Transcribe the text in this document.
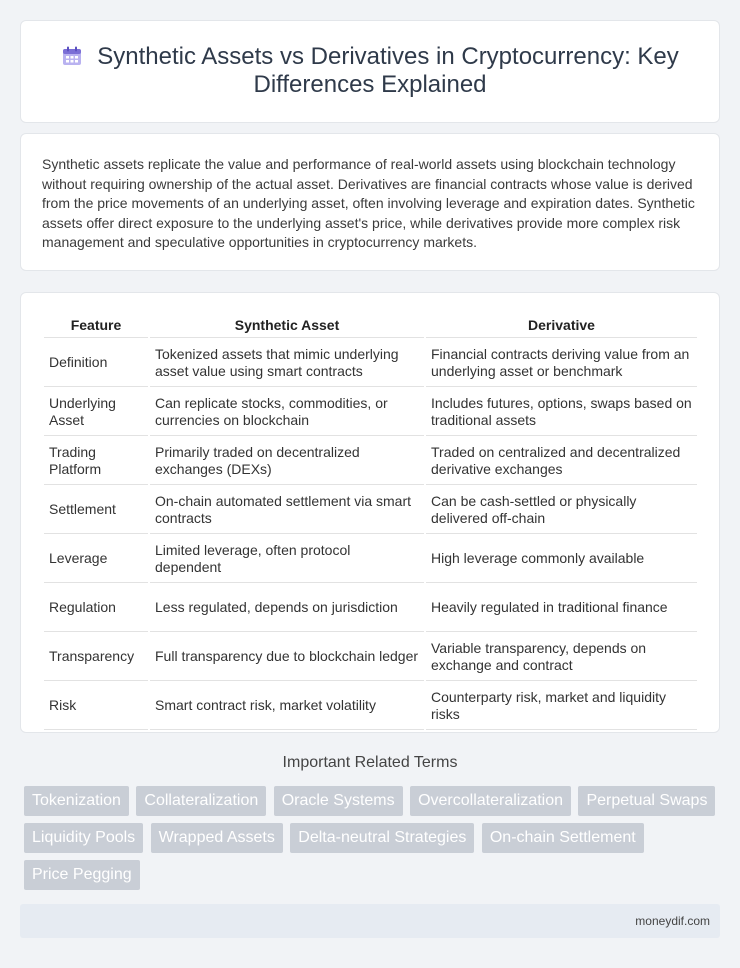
Synthetic Assets vs Derivatives in Cryptocurrency: Key Differences Explained

Synthetic assets replicate the value and performance of real-world assets using blockchain technology without requiring ownership of the actual asset. Derivatives are financial contracts whose value is derived from the price movements of an underlying asset, often involving leverage and expiration dates. Synthetic assets offer direct exposure to the underlying asset's price, while derivatives provide more complex risk management and speculative opportunities in cryptocurrency markets.

Feature	Synthetic Asset	Derivative
Definition	Tokenized assets that mimic underlying asset value using smart contracts	Financial contracts deriving value from an underlying asset or benchmark
Underlying Asset	Can replicate stocks, commodities, or currencies on blockchain	Includes futures, options, swaps based on traditional assets
Trading Platform	Primarily traded on decentralized exchanges (DEXs)	Traded on centralized and decentralized derivative exchanges
Settlement	On-chain automated settlement via smart contracts	Can be cash-settled or physically delivered off-chain
Leverage	Limited leverage, often protocol dependent	High leverage commonly available
Regulation	Less regulated, depends on jurisdiction	Heavily regulated in traditional finance
Transparency	Full transparency due to blockchain ledger	Variable transparency, depends on exchange and contract
Risk	Smart contract risk, market volatility	Counterparty risk, market and liquidity risks
Important Related Terms
Tokenization Collateralization Oracle Systems Overcollateralization Perpetual Swaps Liquidity Pools Wrapped Assets Delta-neutral Strategies On-chain Settlement Price Pegging
moneydif.com
